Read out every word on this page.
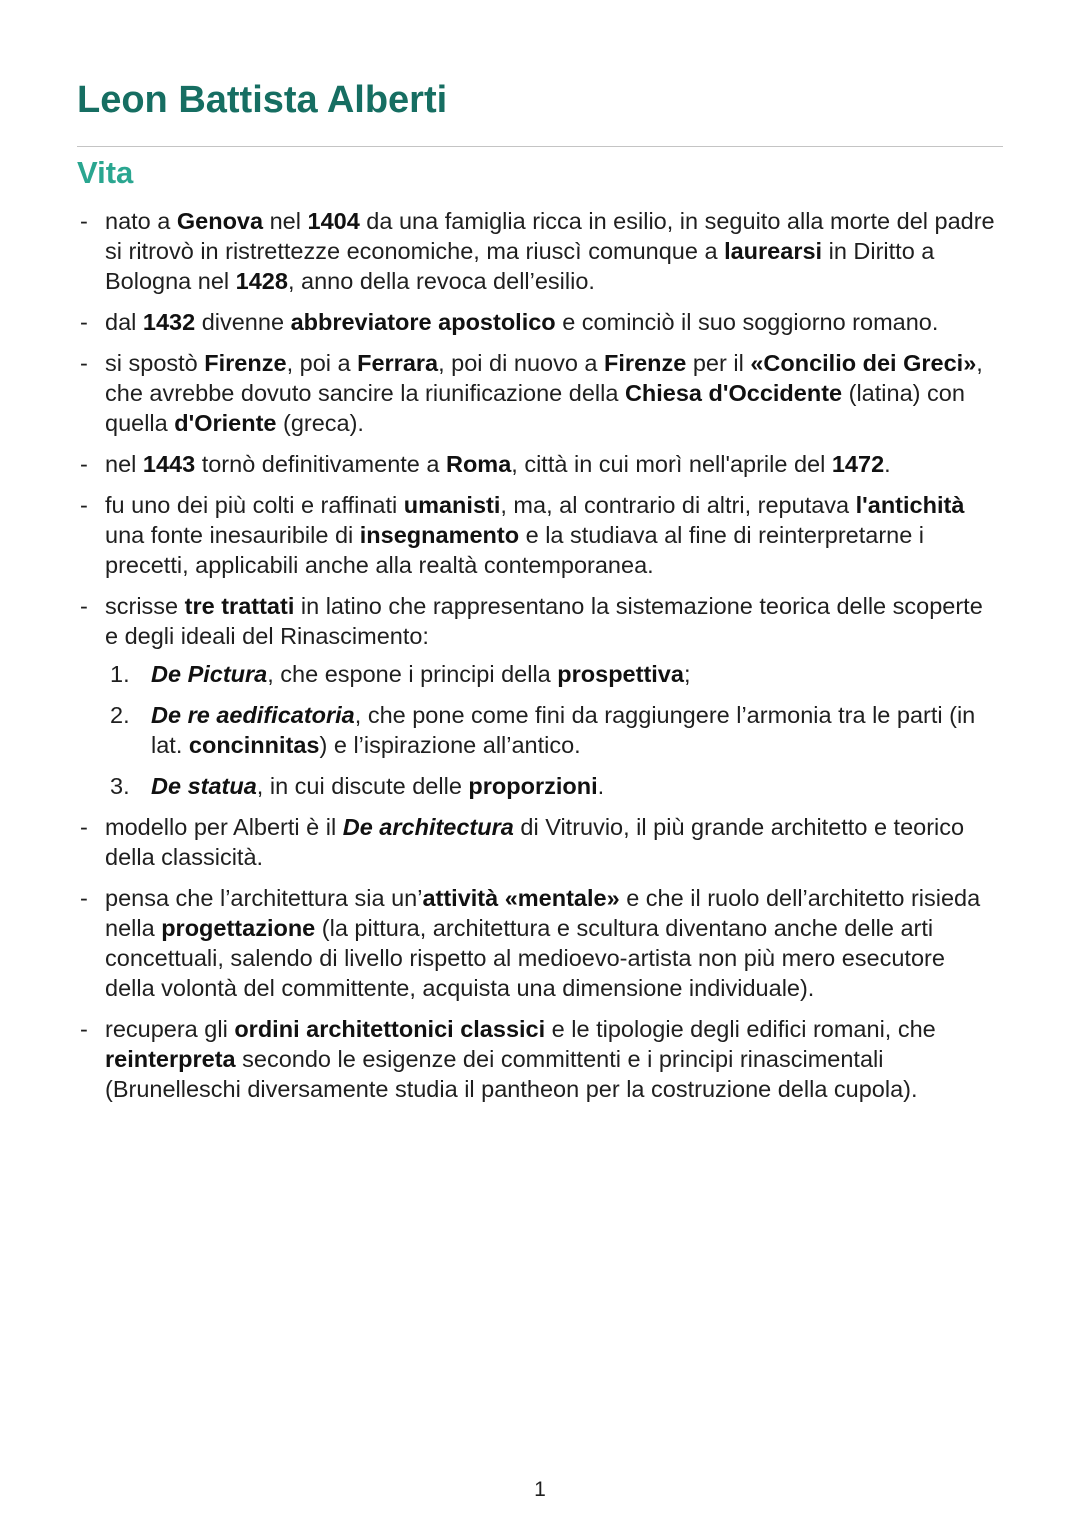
Leon Battista Alberti
Vita
- nato a Genova nel 1404 da una famiglia ricca in esilio, in seguito alla morte del padre si ritrovò in ristrettezze economiche, ma riuscì comunque a laurearsi in Diritto a Bologna nel 1428, anno della revoca dell’esilio.
- dal 1432 divenne abbreviatore apostolico e cominciò il suo soggiorno romano.
- si spostò Firenze, poi a Ferrara, poi di nuovo a Firenze per il «Concilio dei Greci», che avrebbe dovuto sancire la riunificazione della Chiesa d'Occidente (latina) con quella d'Oriente (greca).
- nel 1443 tornò definitivamente a Roma, città in cui morì nell'aprile del 1472.
- fu uno dei più colti e raffinati umanisti, ma, al contrario di altri, reputava l'antichità una fonte inesauribile di insegnamento e la studiava al fine di reinterpretarne i precetti, applicabili anche alla realtà contemporanea.
- scrisse tre trattati in latino che rappresentano la sistemazione teorica delle scoperte e degli ideali del Rinascimento:
1. De Pictura, che espone i principi della prospettiva;
2. De re aedificatoria, che pone come fini da raggiungere l’armonia tra le parti (in lat. concinnitas) e l’ispirazione all’antico.
3. De statua, in cui discute delle proporzioni.
- modello per Alberti è il De architectura di Vitruvio, il più grande architetto e teorico della classicità.
- pensa che l’architettura sia un’attività «mentale» e che il ruolo dell’architetto risieda nella progettazione (la pittura, architettura e scultura diventano anche delle arti concettuali, salendo di livello rispetto al medioevo-artista non più mero esecutore della volontà del committente, acquista una dimensione individuale).
- recupera gli ordini architettonici classici e le tipologie degli edifici romani, che reinterpreta secondo le esigenze dei committenti e i principi rinascimentali (Brunelleschi diversamente studia il pantheon per la costruzione della cupola).
1
